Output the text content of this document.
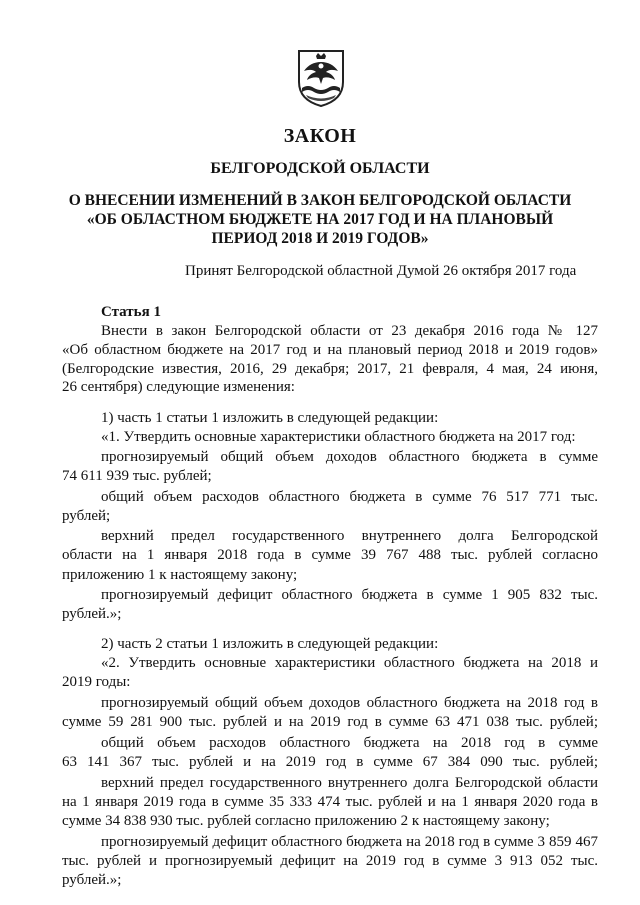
ЗАКОН
БЕЛГОРОДСКОЙ ОБЛАСТИ
О ВНЕСЕНИИ ИЗМЕНЕНИЙ В ЗАКОН БЕЛГОРОДСКОЙ ОБЛАСТИ
«ОБ ОБЛАСТНОМ БЮДЖЕТЕ НА 2017 ГОД И НА ПЛАНОВЫЙ
ПЕРИОД 2018 И 2019 ГОДОВ»
Принят Белгородской областной Думой 26 октября 2017 года
Статья 1
Внести в закон Белгородской области от 23 декабря 2016 года № 127
«Об областном бюджете на 2017 год и на плановый период 2018 и 2019 годов»
(Белгородские известия, 2016, 29 декабря; 2017, 21 февраля, 4 мая, 24 июня,
26 сентября) следующие изменения:
1) часть 1 статьи 1 изложить в следующей редакции:
«1. Утвердить основные характеристики областного бюджета на 2017 год:
прогнозируемый общий объем доходов областного бюджета в сумме
74 611 939 тыс. рублей;
общий объем расходов областного бюджета в сумме 76 517 771 тыс.
рублей;
верхний предел государственного внутреннего долга Белгородской
области на 1 января 2018 года в сумме 39 767 488 тыс. рублей согласно
приложению 1 к настоящему закону;
прогнозируемый дефицит областного бюджета в сумме 1 905 832 тыс.
рублей.»;
2) часть 2 статьи 1 изложить в следующей редакции:
«2. Утвердить основные характеристики областного бюджета на 2018 и
2019 годы:
прогнозируемый общий объем доходов областного бюджета на 2018 год в
сумме 59 281 900 тыс. рублей и на 2019 год в сумме 63 471 038 тыс. рублей;
общий объем расходов областного бюджета на 2018 год в сумме
63 141 367 тыс. рублей и на 2019 год в сумме 67 384 090 тыс. рублей;
верхний предел государственного внутреннего долга Белгородской области
на 1 января 2019 года в сумме 35 333 474 тыс. рублей и на 1 января 2020 года в
сумме 34 838 930 тыс. рублей согласно приложению 2 к настоящему закону;
прогнозируемый дефицит областного бюджета на 2018 год в сумме 3 859 467
тыс. рублей и прогнозируемый дефицит на 2019 год в сумме 3 913 052 тыс.
рублей.»;
